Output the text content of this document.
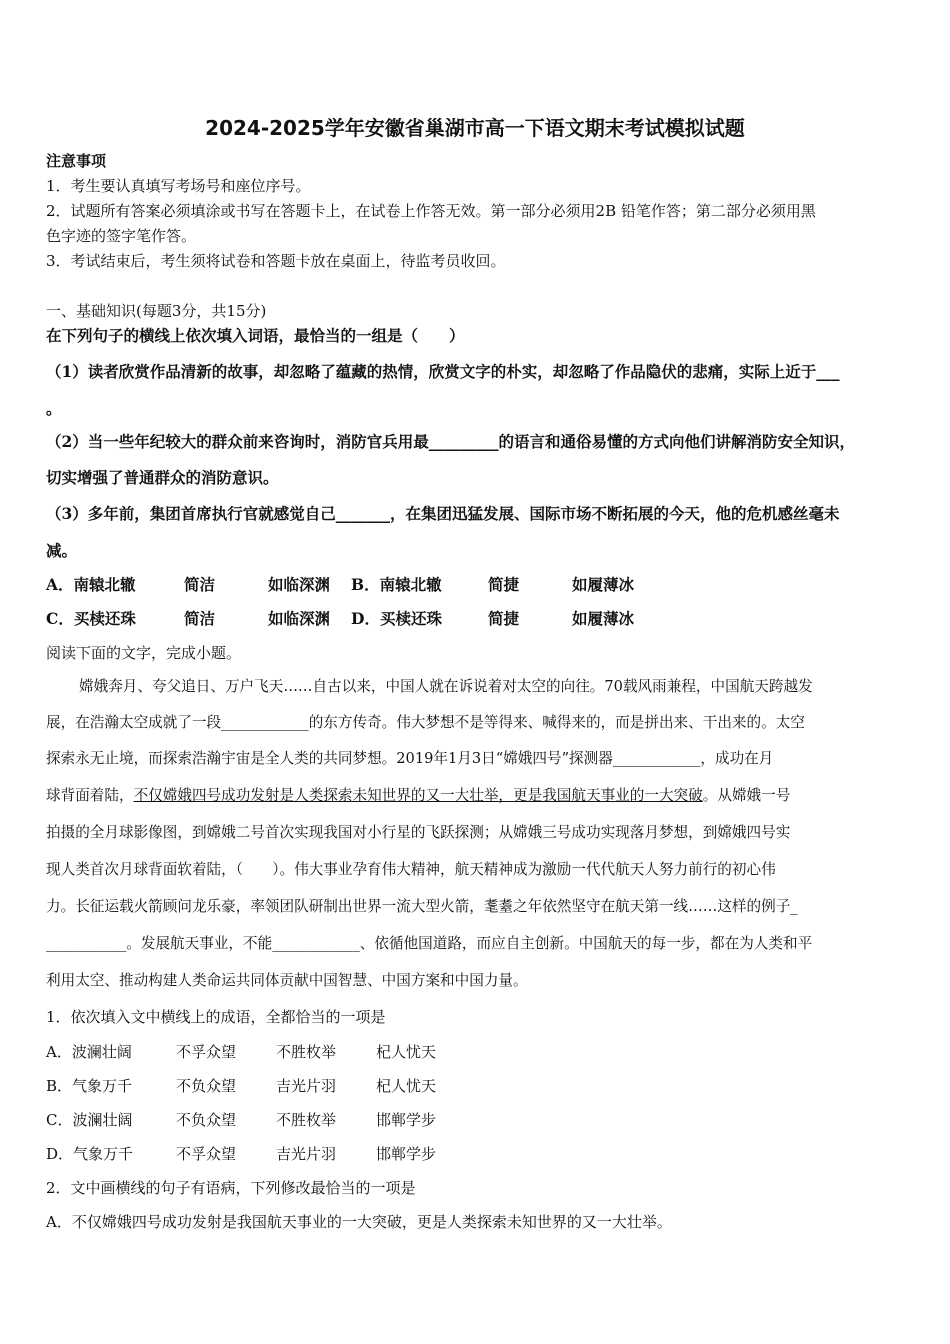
2024-2025学年安徽省巢湖市高一下语文期末考试模拟试题
注意事项
1．考生要认真填写考场号和座位序号。
2．试题所有答案必须填涂或书写在答题卡上，在试卷上作答无效。第一部分必须用2B 铅笔作答；第二部分必须用黑
色字迹的签字笔作答。
3．考试结束后，考生须将试卷和答题卡放在桌面上，待监考员收回。
一、基础知识(每题3分，共15分)
在下列句子的横线上依次填入词语，最恰当的一组是（　　）
（1）读者欣赏作品清新的故事，却忽略了蕴藏的热情，欣赏文字的朴实，却忽略了作品隐伏的悲痛，实际上近于___
。
（2）当一些年纪较大的群众前来咨询时，消防官兵用最_________的语言和通俗易懂的方式向他们讲解消防安全知识，
切实增强了普通群众的消防意识。
（3）多年前，集团首席执行官就感觉自己_______，在集团迅猛发展、国际市场不断拓展的今天，他的危机感丝毫未
减。
A．南辕北辙	简洁	如临深渊 B．南辕北辙	简捷	如履薄冰
C．买椟还珠	简洁	如临深渊 D．买椟还珠	简捷	如履薄冰
阅读下面的文字，完成小题。
嫦娥奔月、夸父追日、万户飞天……自古以来，中国人就在诉说着对太空的向往。70载风雨兼程，中国航天跨越发
展，在浩瀚太空成就了一段____________的东方传奇。伟大梦想不是等得来、喊得来的，而是拼出来、干出来的。太空
探索永无止境，而探索浩瀚宇宙是全人类的共同梦想。2019年1月3日“嫦娥四号”探测器____________，成功在月
球背面着陆，不仅嫦娥四号成功发射是人类探索未知世界的又一大壮举，更是我国航天事业的一大突破。从嫦娥一号
拍摄的全月球影像图，到嫦娥二号首次实现我国对小行星的飞跃探测；从嫦娥三号成功实现落月梦想，到嫦娥四号实
现人类首次月球背面软着陆，（　　）。伟大事业孕育伟大精神，航天精神成为激励一代代航天人努力前行的初心伟
力。长征运载火箭顾问龙乐豪，率领团队研制出世界一流大型火箭，耄耋之年依然坚守在航天第一线……这样的例子_
___________。发展航天事业，不能____________、依循他国道路，而应自主创新。中国航天的每一步，都在为人类和平
利用太空、推动构建人类命运共同体贡献中国智慧、中国方案和中国力量。
1．依次填入文中横线上的成语，全都恰当的一项是
A．波澜壮阔	不孚众望	不胜枚举	杞人忧天
B．气象万千	不负众望	吉光片羽	杞人忧天
C．波澜壮阔	不负众望	不胜枚举	邯郸学步
D．气象万千	不孚众望	吉光片羽	邯郸学步
2．文中画横线的句子有语病，下列修改最恰当的一项是
A．不仅嫦娥四号成功发射是我国航天事业的一大突破，更是人类探索未知世界的又一大壮举。
